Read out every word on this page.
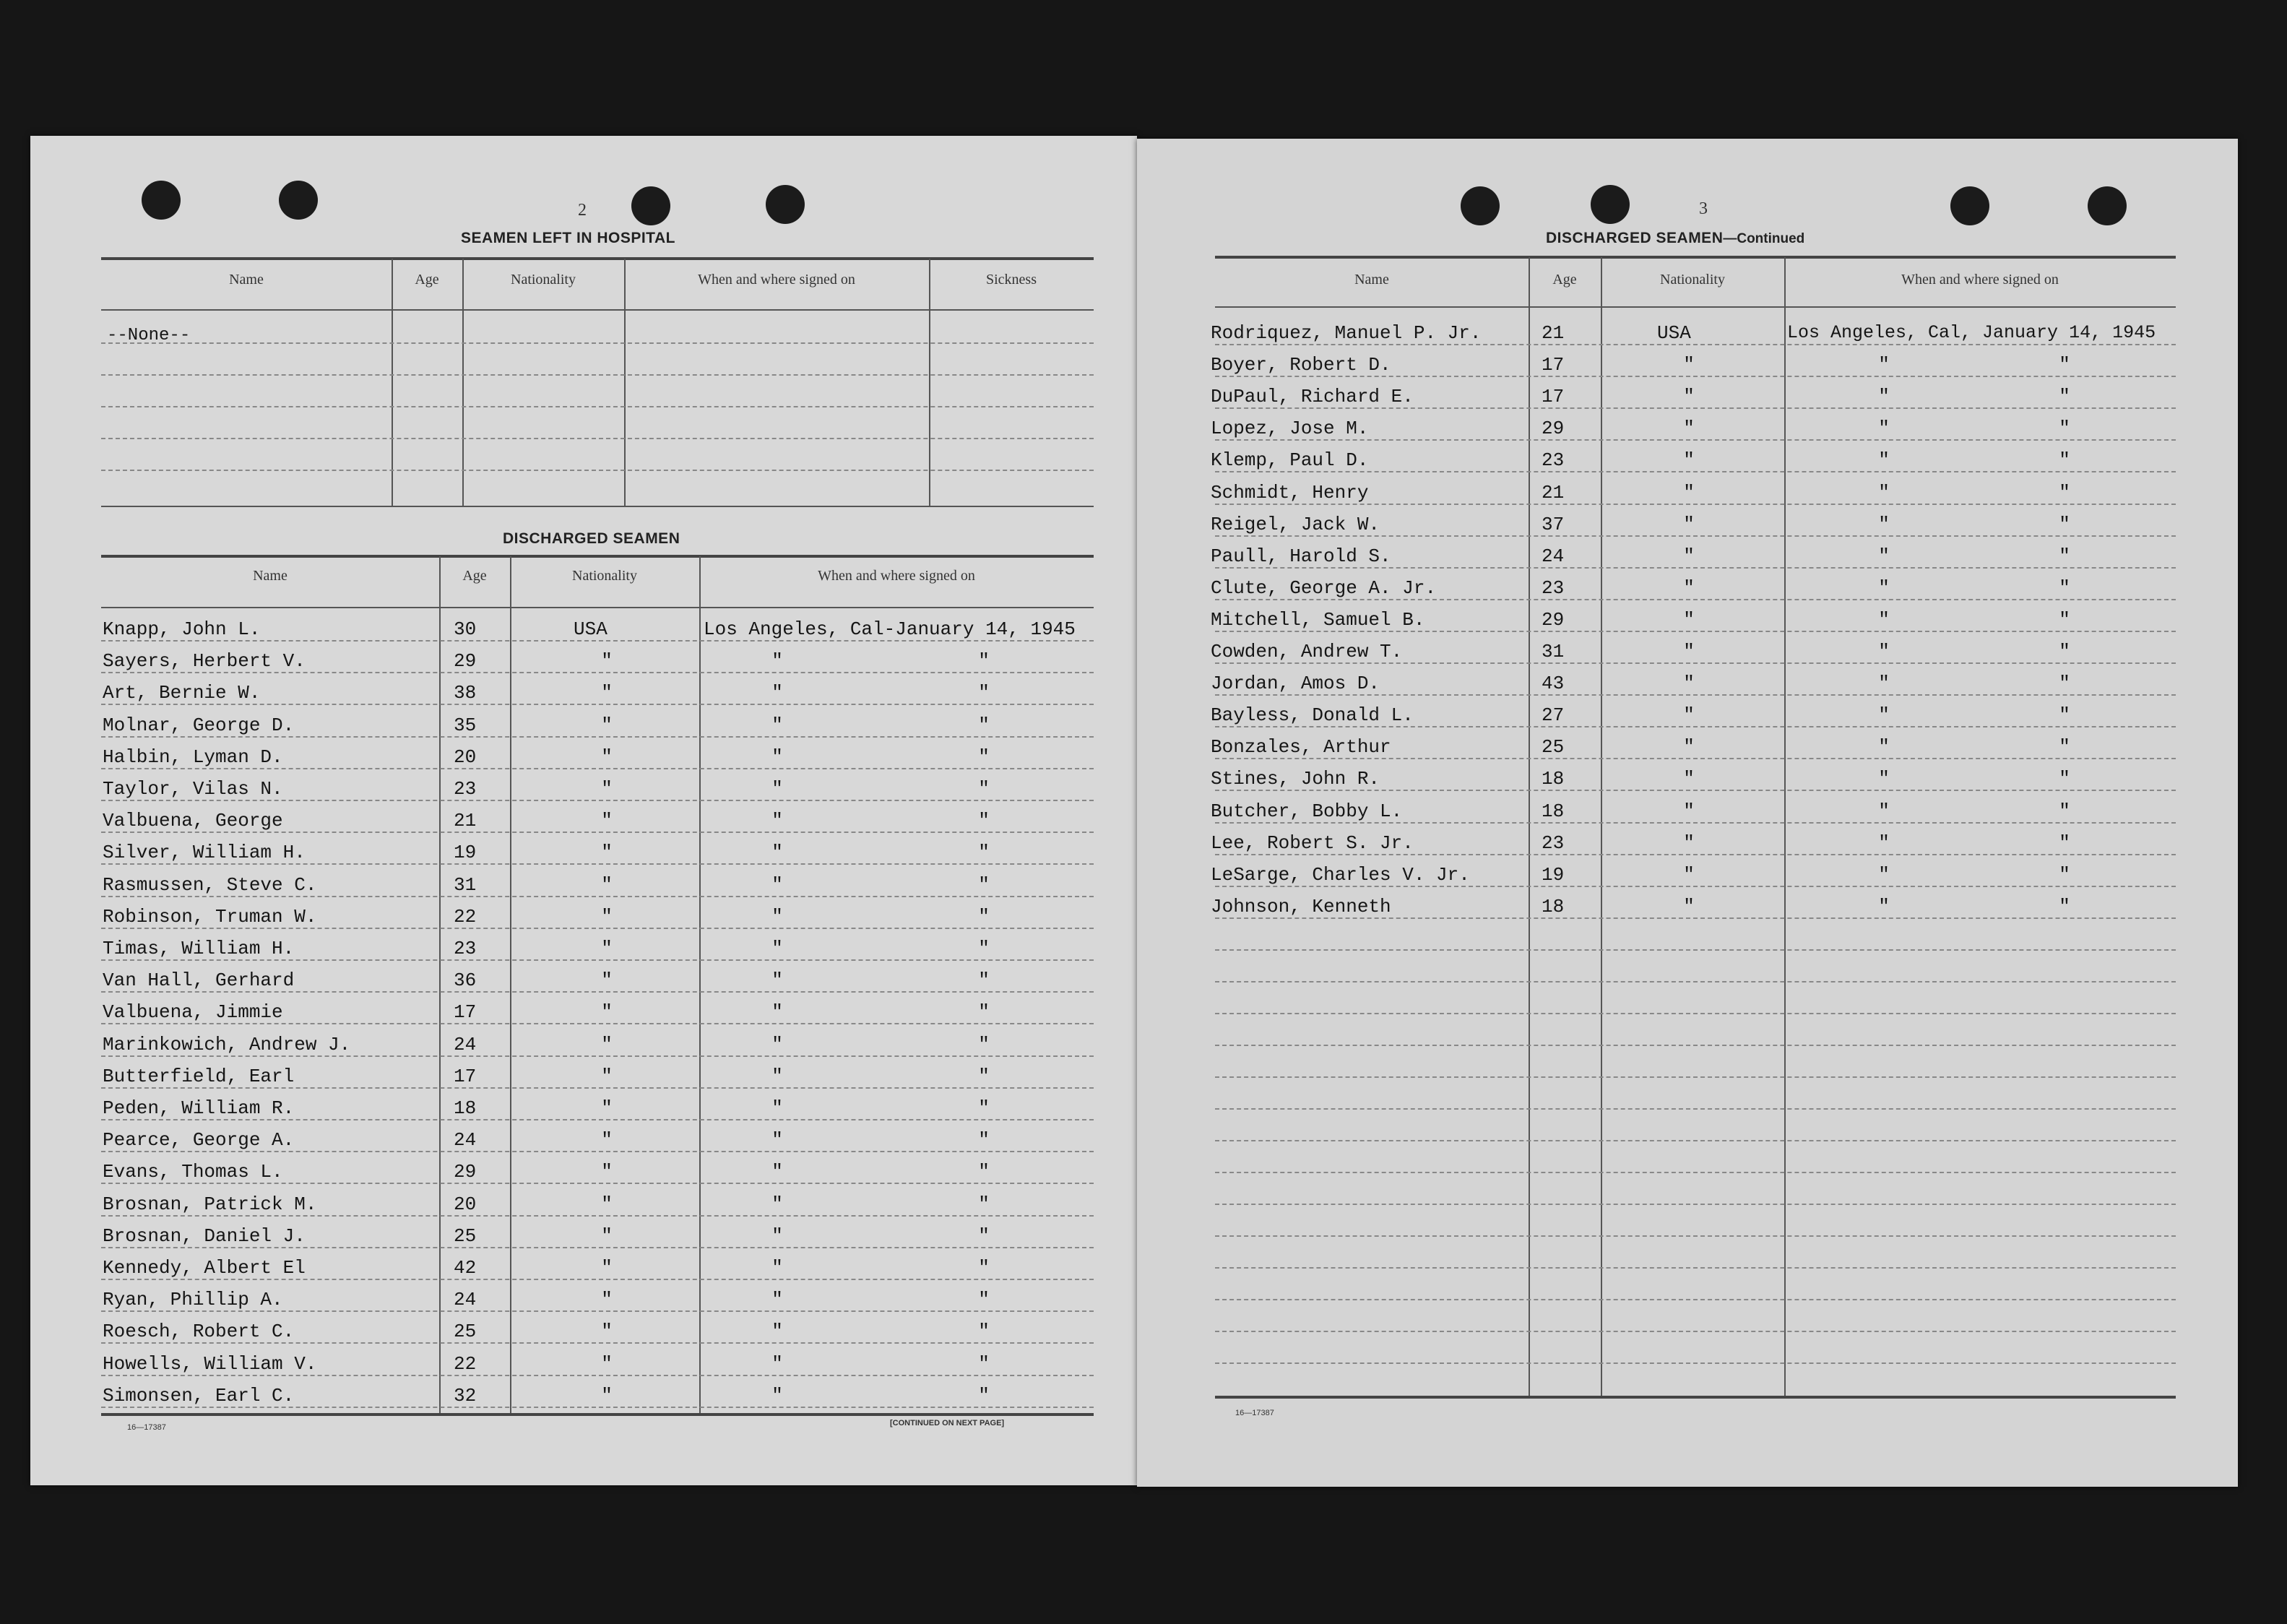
2
SEAMEN LEFT IN HOSPITAL
Name	Age	Nationality	When and where signed on	Sickness
--None--
DISCHARGED SEAMEN
Name	Age	Nationality	When and where signed on
Knapp, John L.	30	USA	Los Angeles, Cal-January 14, 1945
Sayers, Herbert V.	29	"	"	"
Art, Bernie W.	38	"	"	"
Molnar, George D.	35	"	"	"
Halbin, Lyman D.	20	"	"	"
Taylor, Vilas N.	23	"	"	"
Valbuena, George	21	"	"	"
Silver, William H.	19	"	"	"
Rasmussen, Steve C.	31	"	"	"
Robinson, Truman W.	22	"	"	"
Timas, William H.	23	"	"	"
Van Hall, Gerhard	36	"	"	"
Valbuena, Jimmie	17	"	"	"
Marinkowich, Andrew J.	24	"	"	"
Butterfield, Earl	17	"	"	"
Peden, William R.	18	"	"	"
Pearce, George A.	24	"	"	"
Evans, Thomas L.	29	"	"	"
Brosnan, Patrick M.	20	"	"	"
Brosnan, Daniel J.	25	"	"	"
Kennedy, Albert El	42	"	"	"
Ryan, Phillip A.	24	"	"	"
Roesch, Robert C.	25	"	"	"
Howells, William V.	22	"	"	"
Simonsen, Earl C.	32	"	"	"
16—17387	[CONTINUED ON NEXT PAGE]
3
DISCHARGED SEAMEN—Continued
Name	Age	Nationality	When and where signed on
Rodriquez, Manuel P. Jr.	21	USA	Los Angeles, Cal, January 14, 1945
Boyer, Robert D.	17	"	"	"
DuPaul, Richard E.	17	"	"	"
Lopez, Jose M.	29	"	"	"
Klemp, Paul D.	23	"	"	"
Schmidt, Henry	21	"	"	"
Reigel, Jack W.	37	"	"	"
Paull, Harold S.	24	"	"	"
Clute, George A. Jr.	23	"	"	"
Mitchell, Samuel B.	29	"	"	"
Cowden, Andrew T.	31	"	"	"
Jordan, Amos D.	43	"	"	"
Bayless, Donald L.	27	"	"	"
Bonzales, Arthur	25	"	"	"
Stines, John R.	18	"	"	"
Butcher, Bobby L.	18	"	"	"
Lee, Robert S. Jr.	23	"	"	"
LeSarge, Charles V. Jr.	19	"	"	"
Johnson, Kenneth	18	"	"	"
16—17387
